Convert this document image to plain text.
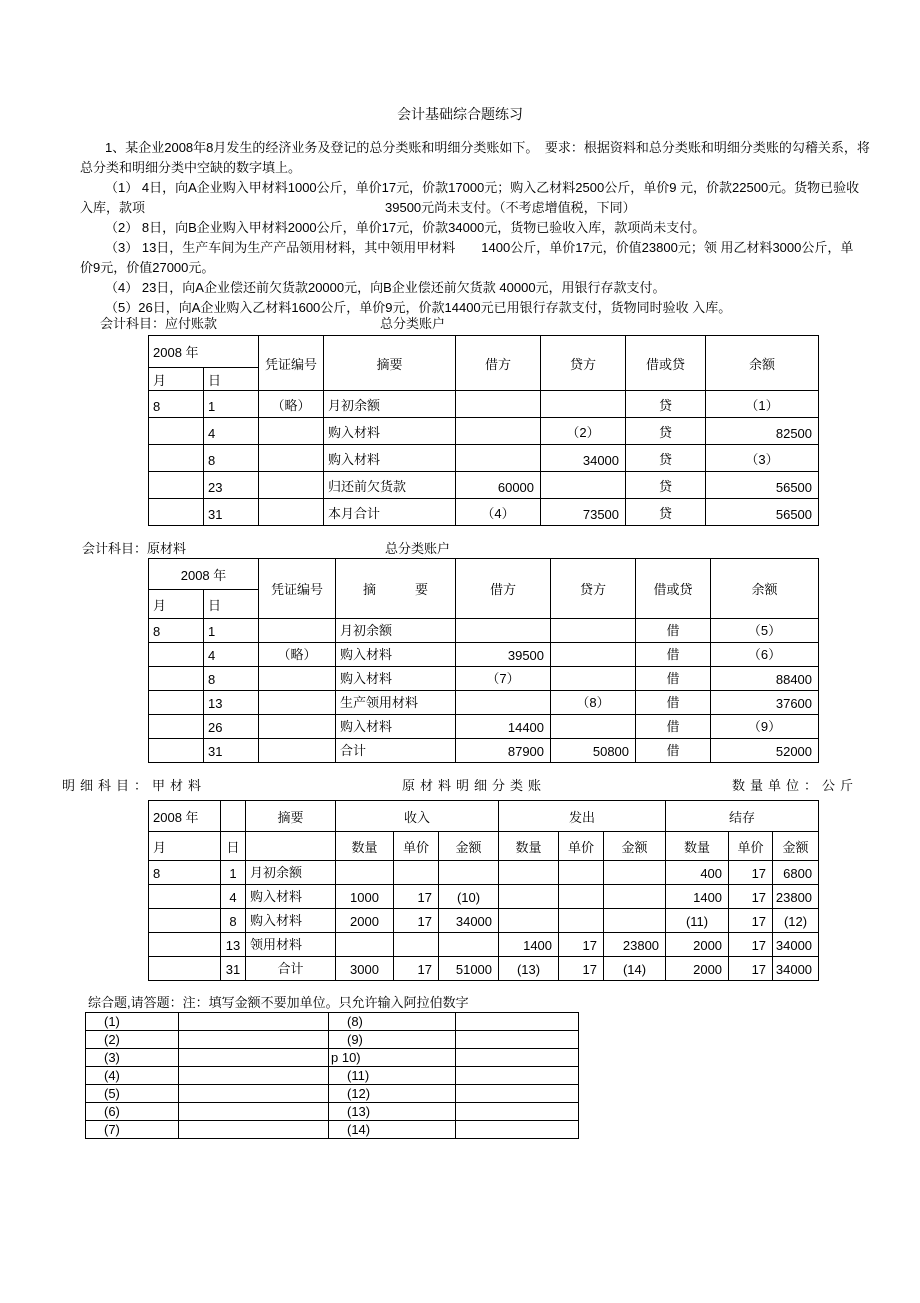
会计基础综合题练习
1、某企业2008年8月发生的经济业务及登记的总分类账和明细分类账如下。　要求：根据资料和总分类账和明细分类账的勾稽关系，将
总分类和明细分类中空缺的数字填上。
（1） 4日，向A企业购入甲材料1000公斤，单价17元，价款17000元；购入乙材料2500公斤，单价9 元，价款22500元。货物已验收
入库，款项	39500元尚未支付。（不考虑增值税，下同）
（2） 8日，向B企业购入甲材料2000公斤，单价17元，价款34000元，货物已验收入库，款项尚未支付。
（3） 13日，生产车间为生产产品领用材料，其中领用甲材料　　1400公斤，单价17元，价值23800元；领 用乙材料3000公斤，单
价9元，价值27000元。
（4） 23日，向A企业偿还前欠货款20000元，向B企业偿还前欠货款 40000元，用银行存款支付。
（5）26日，向A企业购入乙材料1600公斤，单价9元，价款14400元已用银行存款支付，货物同时验收 入库。
会计科目：应付账款	总分类账户
2008 年		凭证编号	摘要	借方	贷方	借或贷	余额
月	日						
8	1	（略）	月初余额			贷	（1）
	4		购入材料		（2）	贷	82500
	8		购入材料		34000	贷	（3）
	23		归还前欠货款	60000		贷	56500
	31		本月合计	（4）	73500	贷	56500
会计科目：原材料	总分类账户
2008 年		凭证编号	摘　　　要	借方	贷方	借或贷	余额
月	日						
8	1		月初余额			借	（5）
	4	（略）	购入材料	39500		借	（6）
	8		购入材料	（7）		借	88400
	13		生产领用材料		（8）	借	37600
	26		购入材料	14400		借	（9）
	31		合计	87900	50800	借	52000
明细科目：甲材料	原材料明细分类账	数量单位：公斤
2008 年		摘要	收入			发出			结存		
月	日		数量	单价	金额	数量	单价	金额	数量	单价	金额
8	1	月初余额							400	17	6800
	4	购入材料	1000	17	(10)				1400	17	23800
	8	购入材料	2000	17	34000				(11)	17	(12)
	13	领用材料				1400	17	23800	2000	17	34000
	31	合计	3000	17	51000	(13)	17	(14)	2000	17	34000
综合题,请答题：注：填写金额不要加单位。只允许输入阿拉伯数字
(1)		(8)	
(2)		(9)	
(3)		p 10)	
(4)		(11)	
(5)		(12)	
(6)		(13)	
(7)		(14)	
